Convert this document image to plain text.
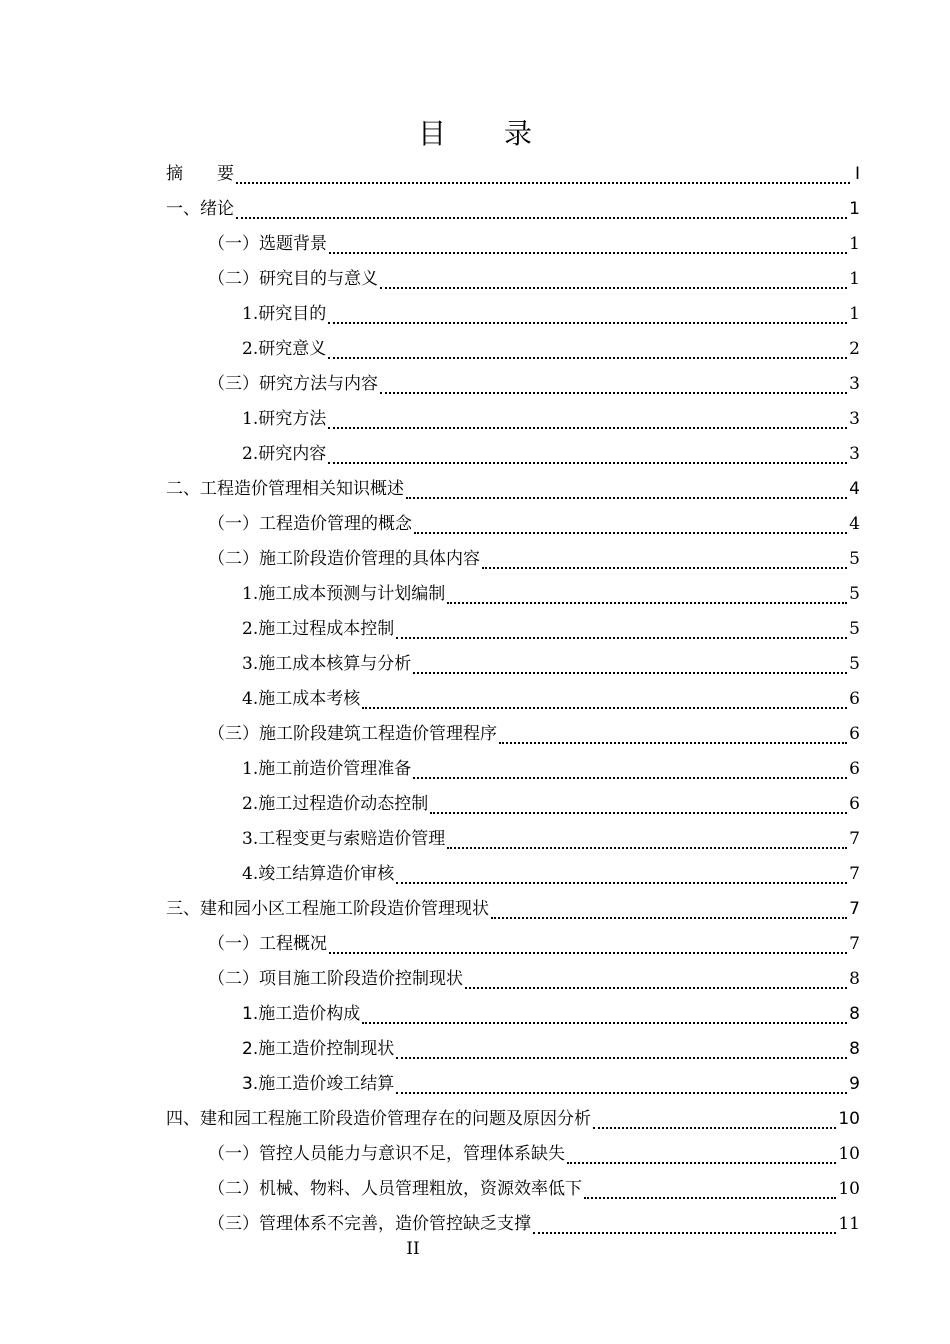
目 录
摘　　要	I
一、绪论	1
（一）选题背景	1
（二）研究目的与意义	1
1.研究目的	1
2.研究意义	2
（三）研究方法与内容	3
1.研究方法	3
2.研究内容	3
二、工程造价管理相关知识概述	4
（一）工程造价管理的概念	4
（二）施工阶段造价管理的具体内容	5
1.施工成本预测与计划编制	5
2.施工过程成本控制	5
3.施工成本核算与分析	5
4.施工成本考核	6
（三）施工阶段建筑工程造价管理程序	6
1.施工前造价管理准备	6
2.施工过程造价动态控制	6
3.工程变更与索赔造价管理	7
4.竣工结算造价审核	7
三、建和园小区工程施工阶段造价管理现状	7
（一）工程概况	7
（二）项目施工阶段造价控制现状	8
1.施工造价构成	8
2.施工造价控制现状	8
3.施工造价竣工结算	9
四、建和园工程施工阶段造价管理存在的问题及原因分析	10
（一）管控人员能力与意识不足，管理体系缺失	10
（二）机械、物料、人员管理粗放，资源效率低下	10
（三）管理体系不完善，造价管控缺乏支撑	11
II
